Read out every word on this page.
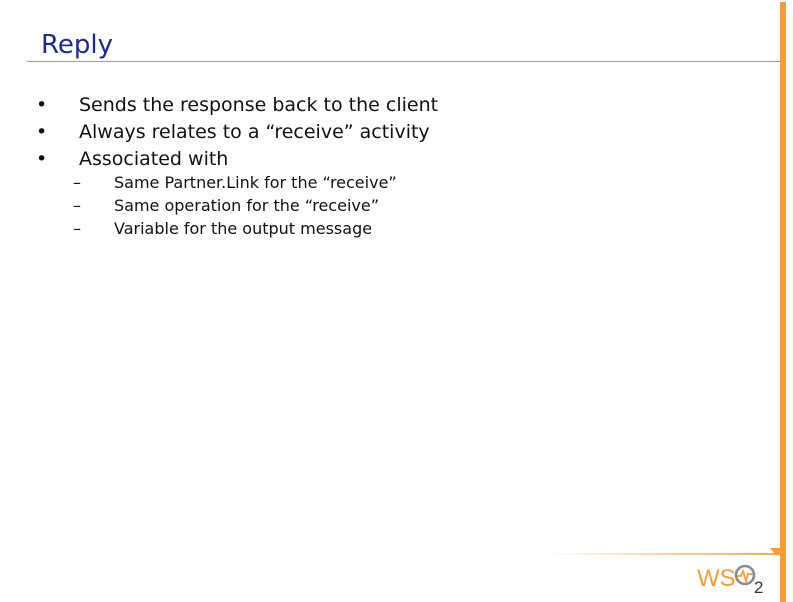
Reply
• Sends the response back to the client
• Always relates to a “receive” activity
• Associated with
– Same Partner.Link for the “receive”
– Same operation for the “receive”
– Variable for the output message
WS 2
